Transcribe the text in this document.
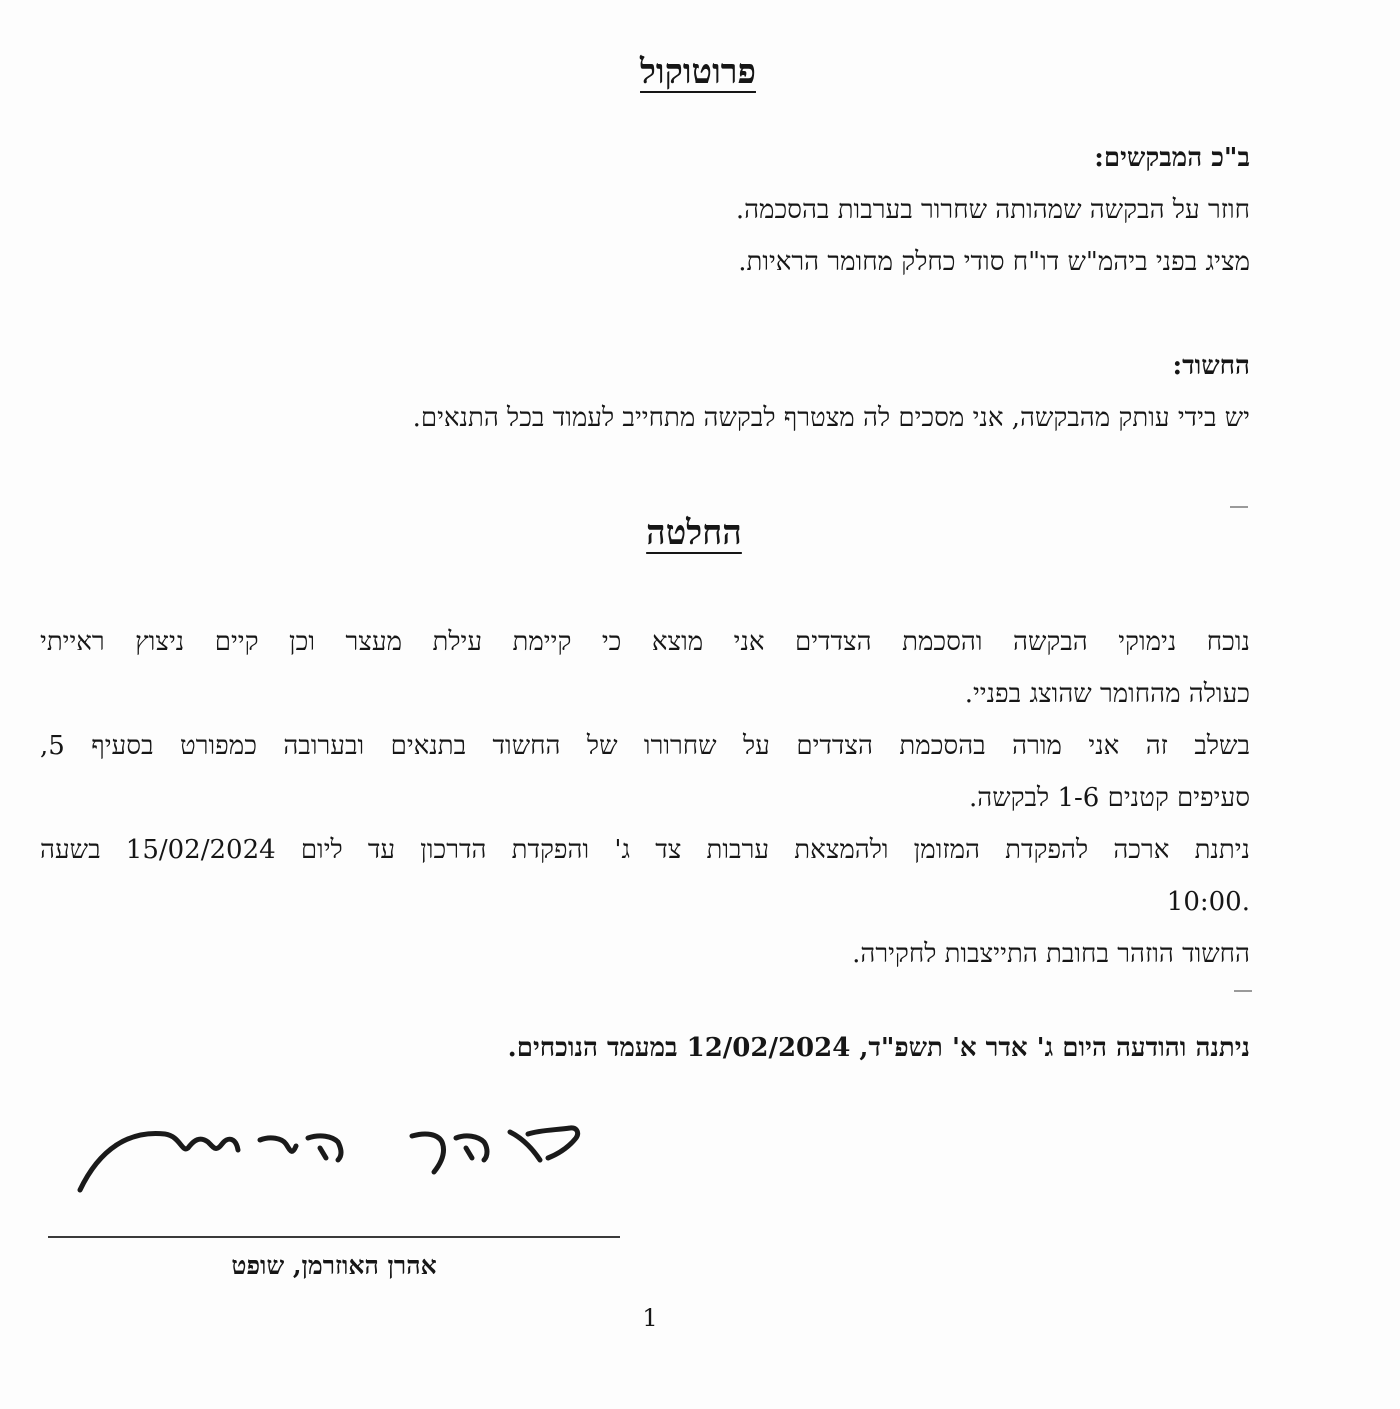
פרוטוקול
ב"כ המבקשים:
חוזר על הבקשה שמהותה שחרור בערבות בהסכמה.
מציג בפני ביהמ"ש דו"ח סודי כחלק מחומר הראיות.
החשוד:
יש בידי עותק מהבקשה, אני מסכים לה מצטרף לבקשה מתחייב לעמוד בכל התנאים.
החלטה
נוכח נימוקי הבקשה והסכמת הצדדים אני מוצא כי קיימת עילת מעצר וכן קיים ניצוץ ראייתי
כעולה מהחומר שהוצג בפניי.
בשלב זה אני מורה בהסכמת הצדדים על שחרורו של החשוד בתנאים ובערובה כמפורט בסעיף 5,
סעיפים קטנים 1-6 לבקשה.
ניתנת ארכה להפקדת המזומן ולהמצאת ערבות צד ג' והפקדת הדרכון עד ליום 15/02/2024 בשעה
.10:00
החשוד הוזהר בחובת התייצבות לחקירה.
ניתנה והודעה היום ג' אדר א' תשפ"ד, 12/02/2024 במעמד הנוכחים.
אהרן האוזרמן, שופט
1
